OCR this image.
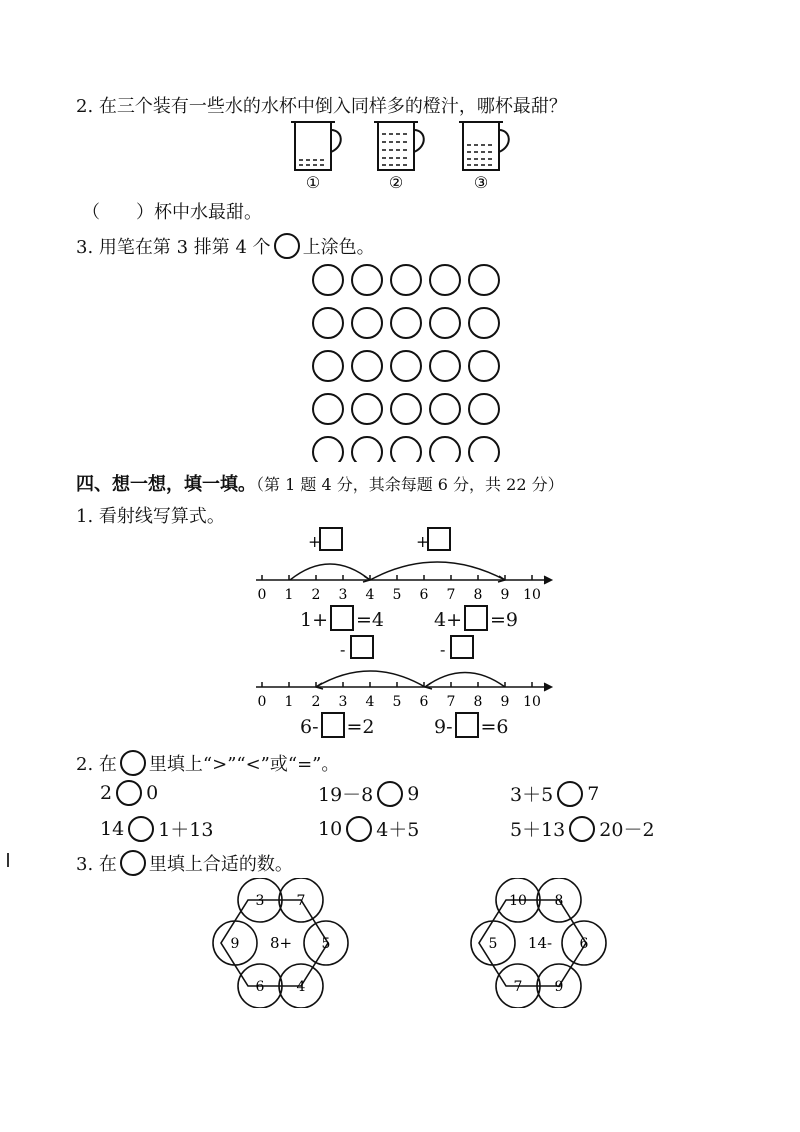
2. 在三个装有一些水的水杯中倒入同样多的橙汁，哪杯最甜？
①	②	③
（　　）杯中水最甜。
3. 用笔在第 3 排第 4 个 上涂色。
四、想一想，填一填。（第 1 题 4 分，其余每题 6 分，共 22 分）
1. 看射线写算式。
+	+
0 1 2 3 4 5 6 7 8 9 10
1+ =4	4+ =9
-	-
0 1 2 3 4 5 6 7 8 9 10
6- =2	9- =6
2. 在 里填上“>”“<”或“=”。
2 0	19－8 9	3＋5 7
14 1＋13	10 4＋5	5＋13 20－2
3. 在 里填上合适的数。
3 7
5
4
6
9 8+
10 8
6
9
7
5 14-
